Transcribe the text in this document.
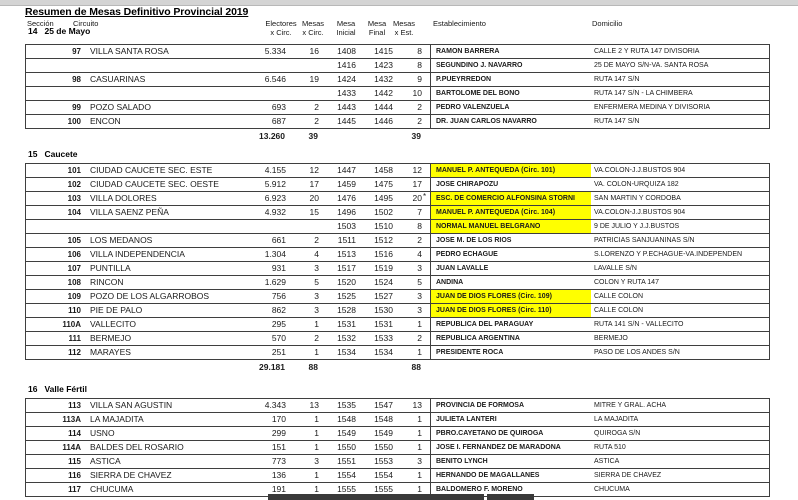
Resumen de Mesas Definitivo Provincial 2019
Sección	Circuito	Electores
x Circ.
Mesas
x Circ.
Mesa
Inicial
Mesa
Final
Mesas
x Est.
Establecimiento	Domicilio
14 25 de Mayo
97	VILLA SANTA ROSA	5.334	16	1408	1415	8	RAMON BARRERA	CALLE 2 Y RUTA 147 DIVISORIA
1416	1423	8	SEGUNDINO J. NAVARRO	25 DE MAYO S/N-VA. SANTA ROSA
98	CASUARINAS	6.546	19	1424	1432	9	P.PUEYRREDON	RUTA 147 S/N
1433	1442	10	BARTOLOME DEL BONO	RUTA 147 S/N - LA CHIMBERA
99	POZO SALADO	693	2	1443	1444	2	PEDRO VALENZUELA	ENFERMERA MEDINA Y DIVISORIA
100	ENCON	687	2	1445	1446	2	DR. JUAN CARLOS NAVARRO	RUTA 147 S/N
13.260	39	39
15 Caucete
101	CIUDAD CAUCETE SEC. ESTE	4.155	12	1447	1458	12	MANUEL P. ANTEQUEDA (Circ. 101)	VA.COLON-J.J.BUSTOS 904
102	CIUDAD CAUCETE SEC. OESTE	5.912	17	1459	1475	17	JOSE CHIRAPOZU	VA. COLON-URQUIZA 182
103	VILLA DOLORES	6.923	20	1476	1495	20 *	ESC. DE COMERCIO ALFONSINA STORNI	SAN MARTIN Y CORDOBA
104	VILLA SAENZ PEÑA	4.932	15	1496	1502	7	MANUEL P. ANTEQUEDA (Circ. 104)	VA.COLON-J.J.BUSTOS 904
1503	1510	8	NORMAL MANUEL BELGRANO	9 DE JULIO Y J.J.BUSTOS
105	LOS MEDANOS	661	2	1511	1512	2	JOSE M. DE LOS RIOS	PATRICIAS SANJUANINAS S/N
106	VILLA INDEPENDENCIA	1.304	4	1513	1516	4	PEDRO ECHAGUE	S.LORENZO Y P.ECHAGUE-VA.INDEPENDEN
107	PUNTILLA	931	3	1517	1519	3	JUAN LAVALLE	LAVALLE S/N
108	RINCON	1.629	5	1520	1524	5	ANDINA	COLON Y RUTA 147
109	POZO DE LOS ALGARROBOS	756	3	1525	1527	3	JUAN DE DIOS FLORES (Circ. 109)	CALLE COLON
110	PIE DE PALO	862	3	1528	1530	3	JUAN DE DIOS FLORES (Circ. 110)	CALLE COLON
110A	VALLECITO	295	1	1531	1531	1	REPUBLICA DEL PARAGUAY	RUTA 141 S/N - VALLECITO
111	BERMEJO	570	2	1532	1533	2	REPUBLICA ARGENTINA	BERMEJO
112	MARAYES	251	1	1534	1534	1	PRESIDENTE ROCA	PASO DE LOS ANDES S/N
29.181	88	88
16 Valle Fértil
113	VILLA SAN AGUSTIN	4.343	13	1535	1547	13	PROVINCIA DE FORMOSA	MITRE Y GRAL. ACHA
113A	LA MAJADITA	170	1	1548	1548	1	JULIETA LANTERI	LA MAJADITA
114	USNO	299	1	1549	1549	1	PBRO.CAYETANO DE QUIROGA	QUIROGA S/N
114A	BALDES DEL ROSARIO	151	1	1550	1550	1	JOSE I. FERNANDEZ DE MARADONA	RUTA 510
115	ASTICA	773	3	1551	1553	3	BENITO LYNCH	ASTICA
116	SIERRA DE CHAVEZ	136	1	1554	1554	1	HERNANDO DE MAGALLANES	SIERRA DE CHAVEZ
117	CHUCUMA	191	1	1555	1555	1	BALDOMERO F. MORENO	CHUCUMA
